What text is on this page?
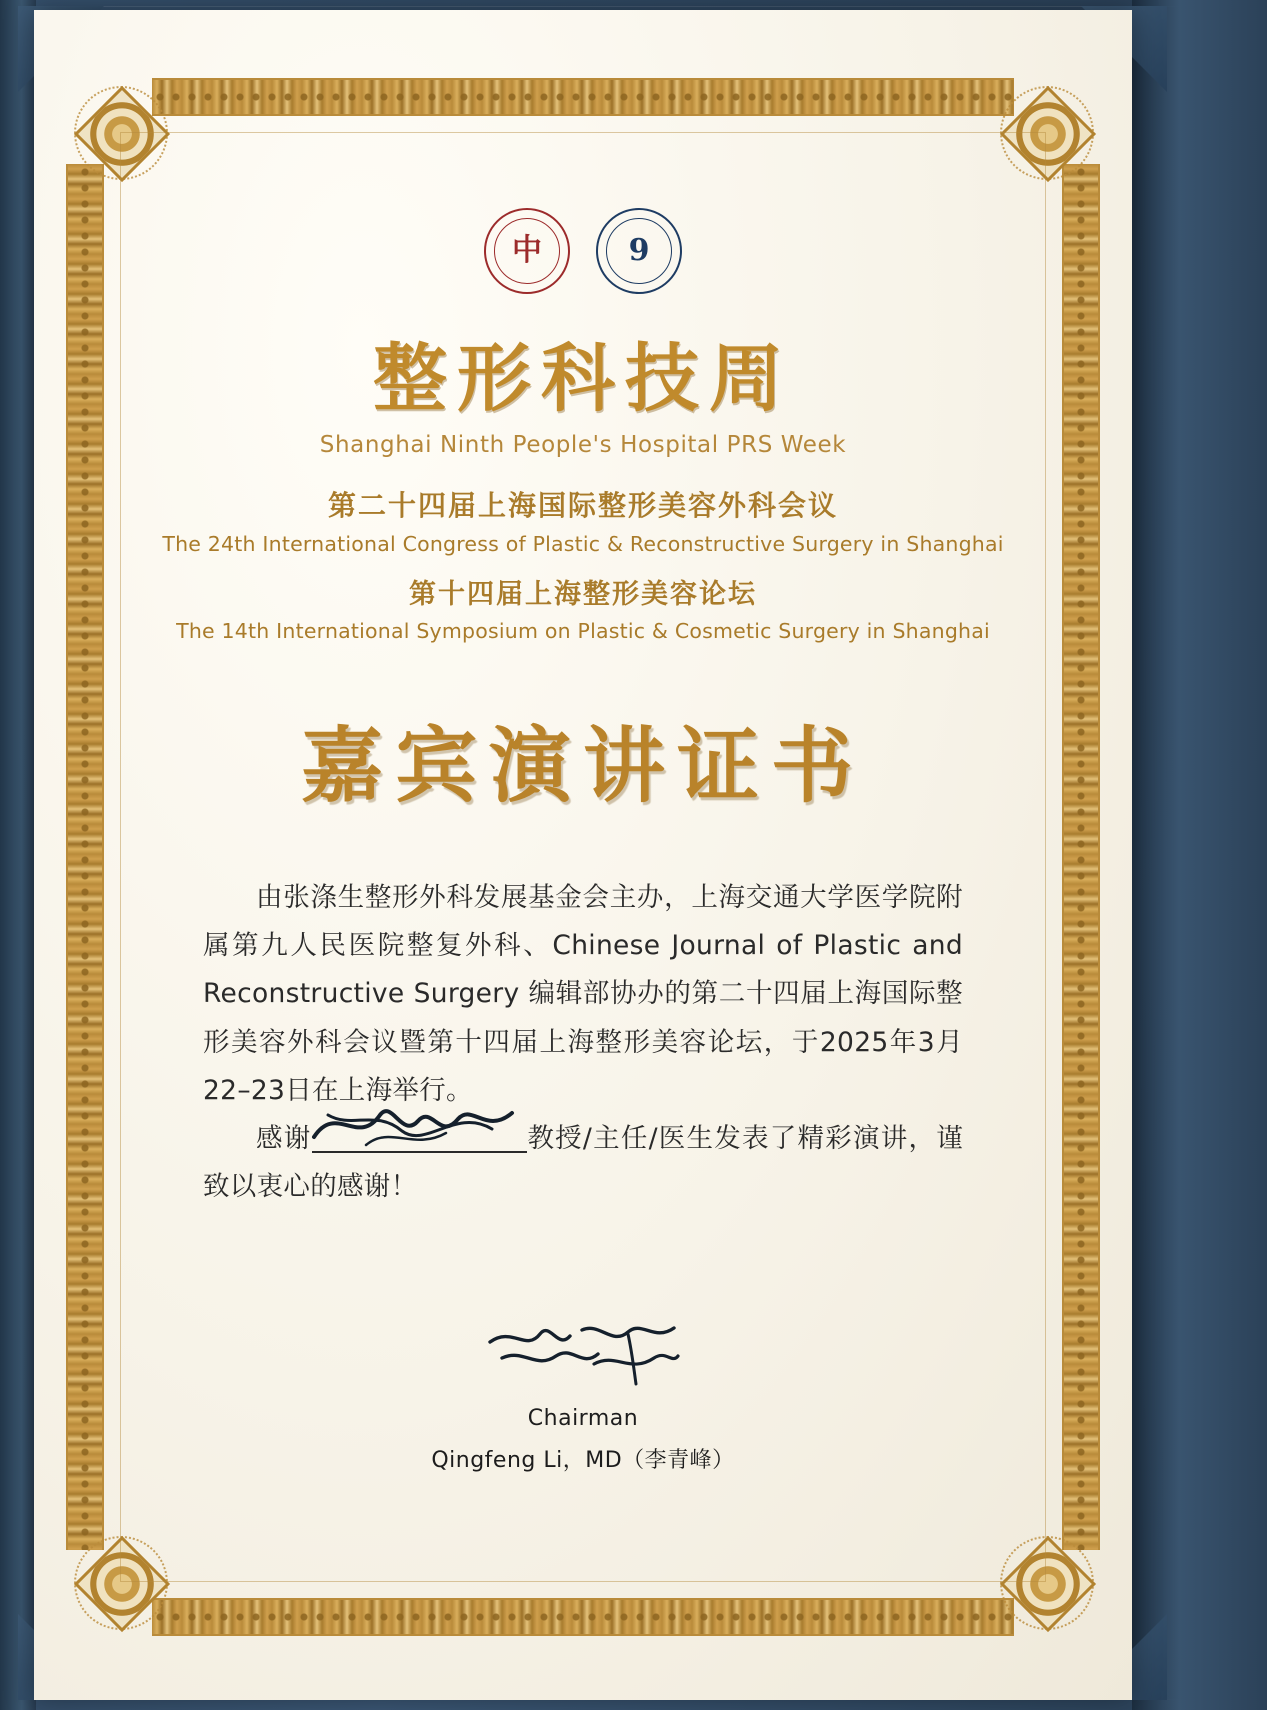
中	9
整形科技周
Shanghai Ninth People's Hospital PRS Week
第二十四届上海国际整形美容外科会议
The 24th International Congress of Plastic & Reconstructive Surgery in Shanghai
第十四届上海整形美容论坛
The 14th International Symposium on Plastic & Cosmetic Surgery in Shanghai
嘉宾演讲证书

由张涤生整形外科发展基金会主办，上海交通大学医学院附属第九人民医院整复外科、Chinese Journal of Plastic and Reconstructive Surgery 编辑部协办的第二十四届上海国际整形美容外科会议暨第十四届上海整形美容论坛，于2025年3月22–23日在上海举行。

感谢	教授/主任/医生发表了精彩演讲，谨致以衷心的感谢！

Chairman
Qingfeng Li，MD（李青峰）
